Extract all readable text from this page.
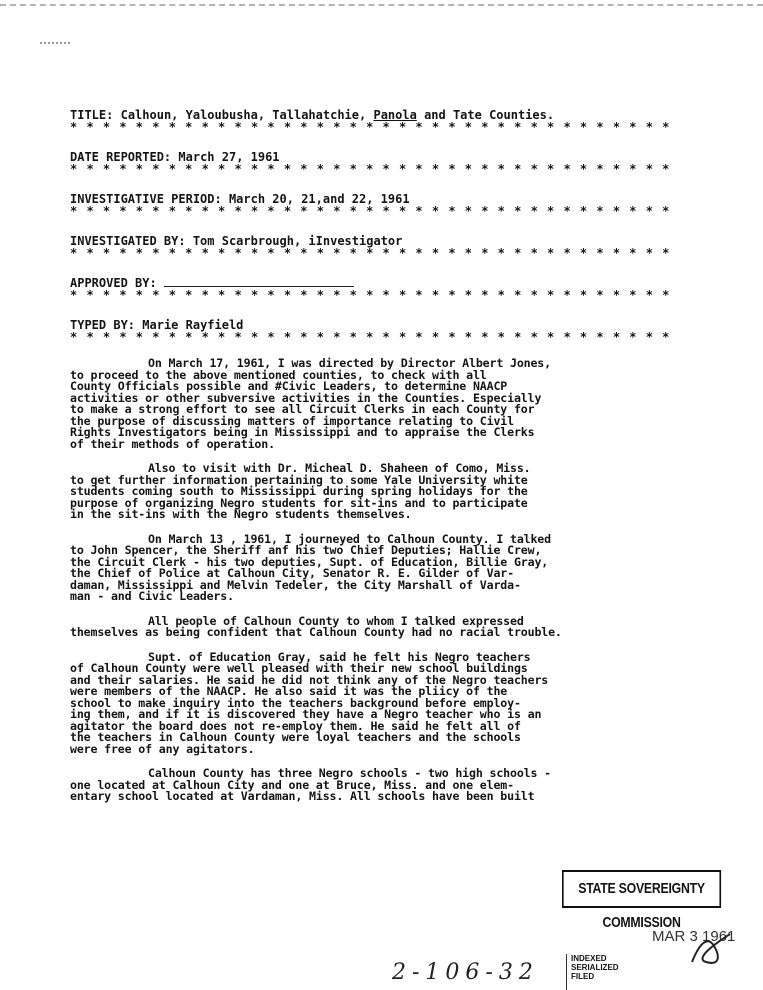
TITLE: Calhoun, Yaloubusha, Tallahatchie, Panola and Tate Counties.
* * * * * * * * * * * * * * * * * * * * * * * * * * * * * * * * * * * * *
DATE REPORTED: March 27, 1961
* * * * * * * * * * * * * * * * * * * * * * * * * * * * * * * * * * * * *
INVESTIGATIVE PERIOD: March 20, 21,and 22, 1961
* * * * * * * * * * * * * * * * * * * * * * * * * * * * * * * * * * * * *
INVESTIGATED BY: Tom Scarbrough, iInvestigator
* * * * * * * * * * * * * * * * * * * * * * * * * * * * * * * * * * * * *
APPROVED BY:
* * * * * * * * * * * * * * * * * * * * * * * * * * * * * * * * * * * * *
TYPED BY: Marie Rayfield
* * * * * * * * * * * * * * * * * * * * * * * * * * * * * * * * * * * * *
On March 17, 1961, I was directed by Director Albert Jones,
to proceed to the above mentioned counties, to check with all
County Officials possible and #Civic Leaders, to determine NAACP
activities or other subversive activities in the Counties. Especially
to make a strong effort to see all Circuit Clerks in each County for
the purpose of discussing matters of importance relating to Civil
Rights Investigators being in Mississippi and to appraise the Clerks
of their methods of operation.
Also to visit with Dr. Micheal D. Shaheen of Como, Miss.
to get further information pertaining to some Yale University white
students coming south to Mississippi during spring holidays for the
purpose of organizing Negro students for sit-ins and to participate
in the sit-ins with the Negro students themselves.
On March 13 , 1961, I journeyed to Calhoun County. I talked
to John Spencer, the Sheriff anf his two Chief Deputies; Hallie Crew,
the Circuit Clerk - his two deputies, Supt. of Education, Billie Gray,
the Chief of Police at Calhoun City, Senator R. E. Gilder of Var-
daman, Mississippi and Melvin Tedeler, the City Marshall of Varda-
man - and Civic Leaders.
All people of Calhoun County to whom I talked expressed
themselves as being confident that Calhoun County had no racial trouble.
Supt. of Education Gray, said he felt his Negro teachers
of Calhoun County were well pleased with their new school buildings
and their salaries. He said he did not think any of the Negro teachers
were members of the NAACP. He also said it was the pliicy of the
school to make inquiry into the teachers background before employ-
ing them, and if it is discovered they have a Negro teacher who is an
agitator the board does not re-employ them. He said he felt all of
the teachers in Calhoun County were loyal teachers and the schools
were free of any agitators.
Calhoun County has three Negro schools - two high schools -
one located at Calhoun City and one at Bruce, Miss. and one elem-
entary school located at Vardaman, Miss. All schools have been built
STATE SOVEREIGNTY COMMISSION
MAR 3 1961
INDEXED
SERIALIZED
FILED
2-106-32
